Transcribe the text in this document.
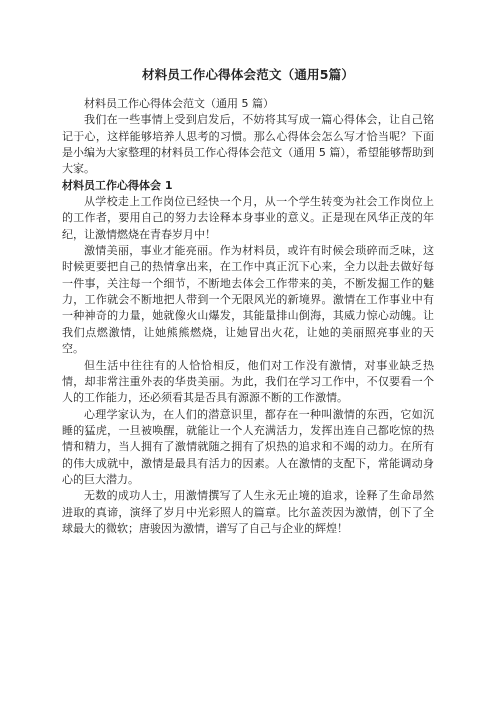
材料员工作心得体会范文（通用5篇）

材料员工作心得体会范文（通用 5 篇）

我们在一些事情上受到启发后，不妨将其写成一篇心得体会，让自己铭记于心，这样能够培养人思考的习惯。那么心得体会怎么写才恰当呢？下面是小编为大家整理的材料员工作心得体会范文（通用 5 篇），希望能够帮助到大家。

材料员工作心得体会 1

从学校走上工作岗位已经快一个月，从一个学生转变为社会工作岗位上的工作者，要用自己的努力去诠释本身事业的意义。正是现在风华正茂的年纪，让激情燃烧在青春岁月中！

激情美丽，事业才能亮丽。作为材料员，或许有时候会琐碎而乏味，这时候更要把自己的热情拿出来，在工作中真正沉下心来，全力以赴去做好每一件事，关注每一个细节，不断地去体会工作带来的美，不断发掘工作的魅力，工作就会不断地把人带到一个无限风光的新境界。激情在工作事业中有一种神奇的力量，她就像火山爆发，其能量排山倒海，其威力惊心动魄。让我们点燃激情，让她熊熊燃烧，让她冒出火花，让她的美丽照亮事业的天空。

但生活中往往有的人恰恰相反，他们对工作没有激情，对事业缺乏热情，却非常注重外表的华贵美丽。为此，我们在学习工作中，不仅要看一个人的工作能力，还必须看其是否具有源源不断的工作激情。

心理学家认为，在人们的潜意识里，都存在一种叫激情的东西，它如沉睡的猛虎，一旦被唤醒，就能让一个人充满活力，发挥出连自己都吃惊的热情和精力，当人拥有了激情就随之拥有了炽热的追求和不竭的动力。在所有的伟大成就中，激情是最具有活力的因素。人在激情的支配下，常能调动身心的巨大潜力。

无数的成功人士，用激情撰写了人生永无止境的追求，诠释了生命昂然进取的真谛，演绎了岁月中光彩照人的篇章。比尔盖茨因为激情，创下了全球最大的微软；唐骏因为激情，谱写了自己与企业的辉煌！
